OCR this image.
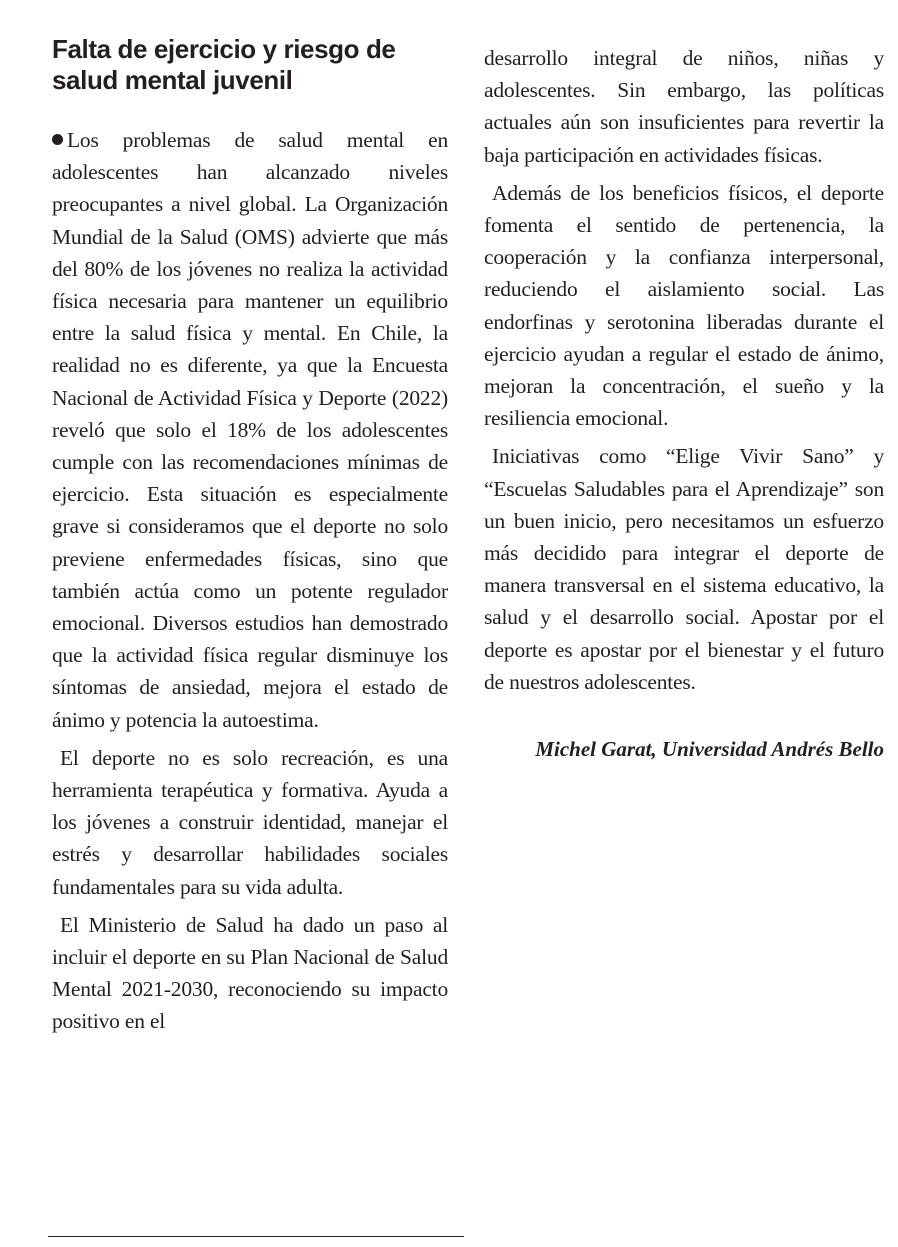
Falta de ejercicio y riesgo de salud mental juvenil

Los problemas de salud mental en adolescentes han alcanzado niveles preocupantes a nivel global. La Organización Mundial de la Salud (OMS) advierte que más del 80% de los jóvenes no realiza la actividad física necesaria para mantener un equilibrio entre la salud física y mental. En Chile, la realidad no es diferente, ya que la Encuesta Nacional de Actividad Física y Deporte (2022) reveló que solo el 18% de los adolescentes cumple con las recomendaciones mínimas de ejercicio. Esta situación es especialmente grave si consideramos que el deporte no solo previene enfermedades físicas, sino que también actúa como un potente regulador emocional. Diversos estudios han demostrado que la actividad física regular disminuye los síntomas de ansiedad, mejora el estado de ánimo y potencia la autoestima.

El deporte no es solo recreación, es una herramienta terapéutica y formativa. Ayuda a los jóvenes a construir identidad, manejar el estrés y desarrollar habilidades sociales fundamentales para su vida adulta.

El Ministerio de Salud ha dado un paso al incluir el deporte en su Plan Nacional de Salud Mental 2021-2030, reconociendo su impacto positivo en el

desarrollo integral de niños, niñas y adolescentes. Sin embargo, las políticas actuales aún son insuficientes para revertir la baja participación en actividades físicas.

Además de los beneficios físicos, el deporte fomenta el sentido de pertenencia, la cooperación y la confianza interpersonal, reduciendo el aislamiento social. Las endorfinas y serotonina liberadas durante el ejercicio ayudan a regular el estado de ánimo, mejoran la concentración, el sueño y la resiliencia emocional.

Iniciativas como “Elige Vivir Sano” y “Escuelas Saludables para el Aprendizaje” son un buen inicio, pero necesitamos un esfuerzo más decidido para integrar el deporte de manera transversal en el sistema educativo, la salud y el desarrollo social. Apostar por el deporte es apostar por el bienestar y el futuro de nuestros adolescentes.

Michel Garat, Universidad Andrés Bello
